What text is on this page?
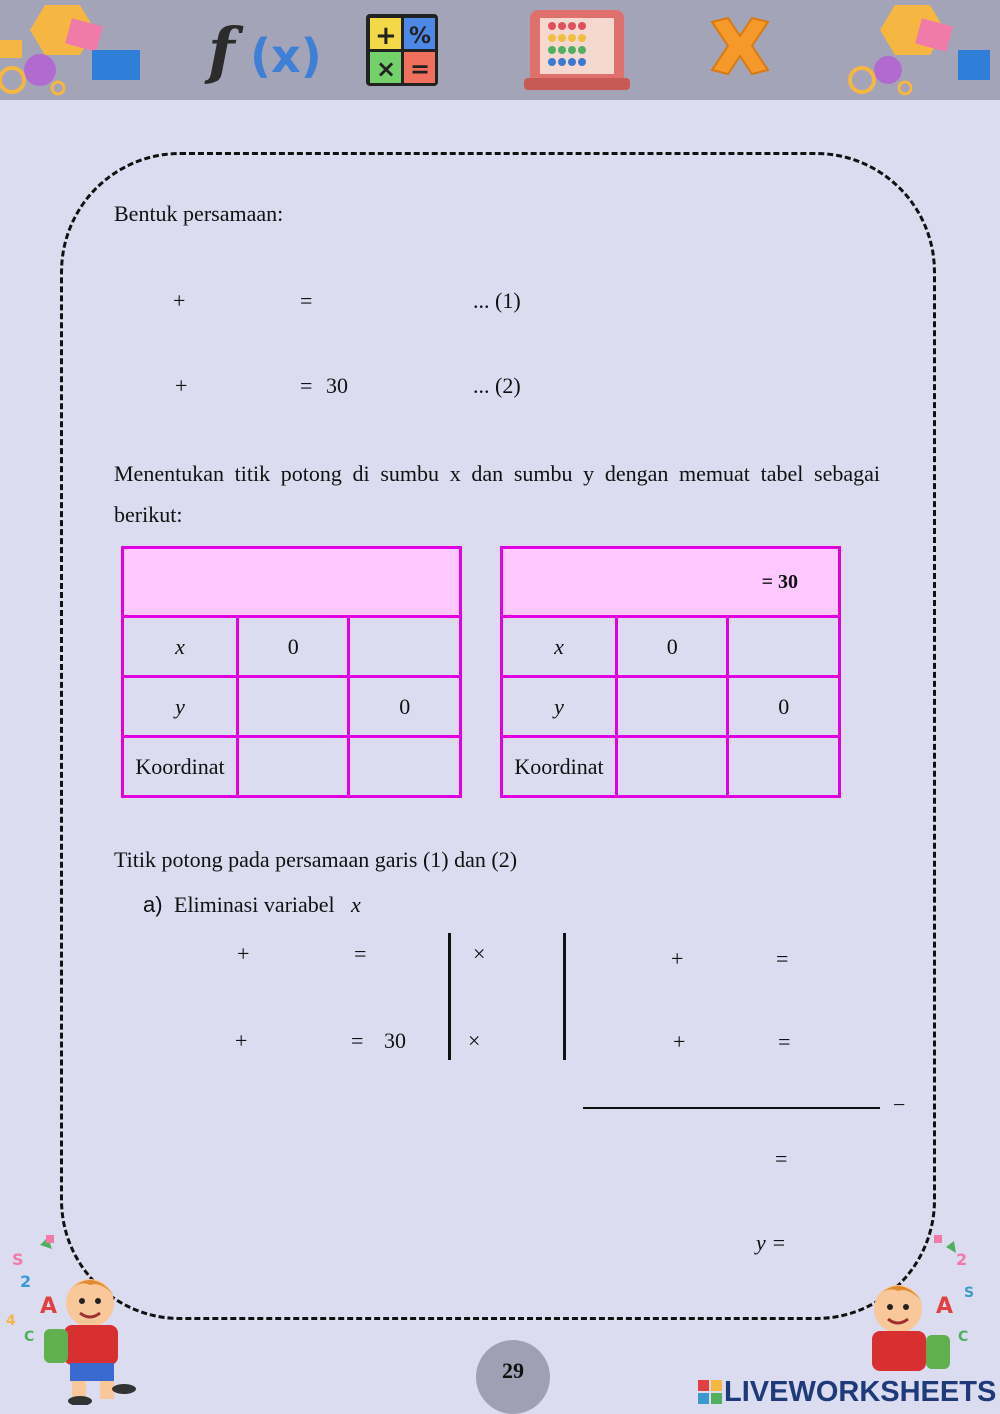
f (x) + %
× =
Bentuk persamaan:
+	=	... (1)
+	= 30	... (2)
Menentukan titik potong di sumbu x dan sumbu y dengan memuat tabel sebagai berikut:

x	0	
y		0
Koordinat		
= 30		
x	0	
y		0
Koordinat		
Titik potong pada persamaan garis (1) dan (2)
a) Eliminasi variabel x
+	=	×
+	= 30	×
+	=
+	=
−
=
y =
S
2
A
4
C
2
A
S
C
29
LIVEWORKSHEETS
